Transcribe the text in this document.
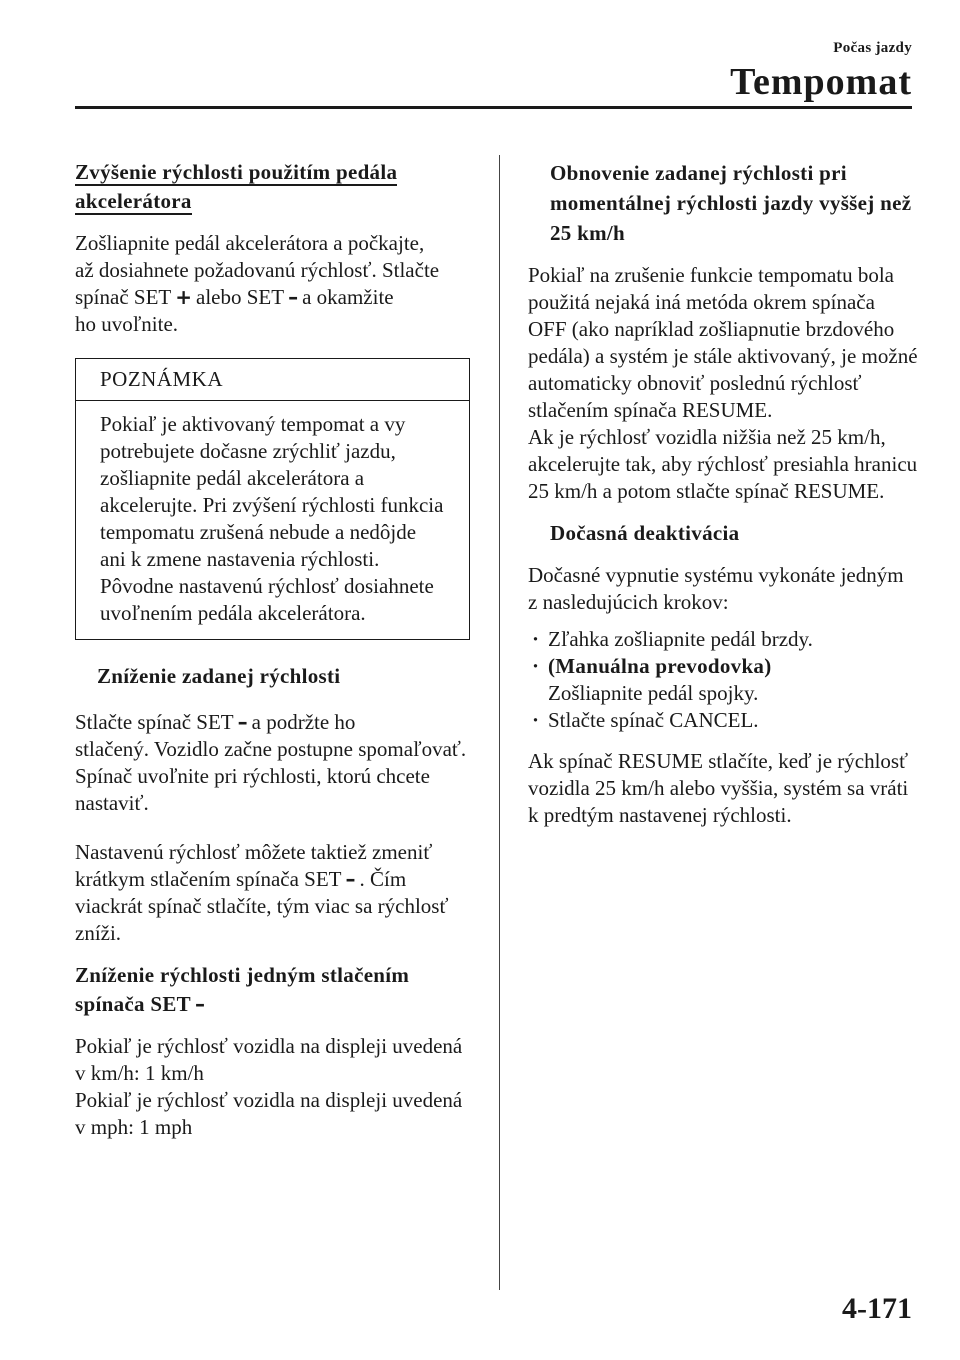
Počas jazdy
Tempomat
Zvýšenie rýchlosti použitím pedála akcelerátora

Zošliapnite pedál akcelerátora a počkajte,

až dosiahnete požadovanú rýchlosť. Stlačte

spínač SET + alebo SET – a okamžite

ho uvoľnite.

POZNÁMKA

Pokiaľ je aktivovaný tempomat a vy potrebujete dočasne zrýchliť jazdu, zošliapnite pedál akcelerátora a akcelerujte. Pri zvýšení rýchlosti funkcia tempomatu zrušená nebude a nedôjde ani k zmene nastavenia rýchlosti. Pôvodne nastavenú rýchlosť dosiahnete uvoľnením pedála akcelerátora.

Zníženie zadanej rýchlosti

Stlačte spínač SET – a podržte ho

stlačený. Vozidlo začne postupne spomaľovať.

Spínač uvoľnite pri rýchlosti, ktorú chcete nastaviť.

Nastavenú rýchlosť môžete taktiež zmeniť

krátkym stlačením spínača SET – . Čím

viackrát spínač stlačíte, tým viac sa rýchlosť zníži.

Zníženie rýchlosti jedným stlačením

spínača SET –

Pokiaľ je rýchlosť vozidla na displeji uvedená v km/h: 1 km/h

Pokiaľ je rýchlosť vozidla na displeji uvedená v mph: 1 mph

Obnovenie zadanej rýchlosti pri momentálnej rýchlosti jazdy vyššej než 25 km/h

Pokiaľ na zrušenie funkcie tempomatu bola použitá nejaká iná metóda okrem spínača OFF (ako napríklad zošliapnutie brzdového pedála) a systém je stále aktivovaný, je možné automaticky obnoviť poslednú rýchlosť stlačením spínača RESUME.

Ak je rýchlosť vozidla nižšia než 25 km/h, akcelerujte tak, aby rýchlosť presiahla hranicu 25 km/h a potom stlačte spínač RESUME.

Dočasná deaktivácia

Dočasné vypnutie systému vykonáte jedným z nasledujúcich krokov:

· Zľahka zošliapnite pedál brzdy.

· (Manuálna prevodovka)

Zošliapnite pedál spojky.

· Stlačte spínač CANCEL.

Ak spínač RESUME stlačíte, keď je rýchlosť vozidla 25 km/h alebo vyššia, systém sa vráti k predtým nastavenej rýchlosti.

4-171
